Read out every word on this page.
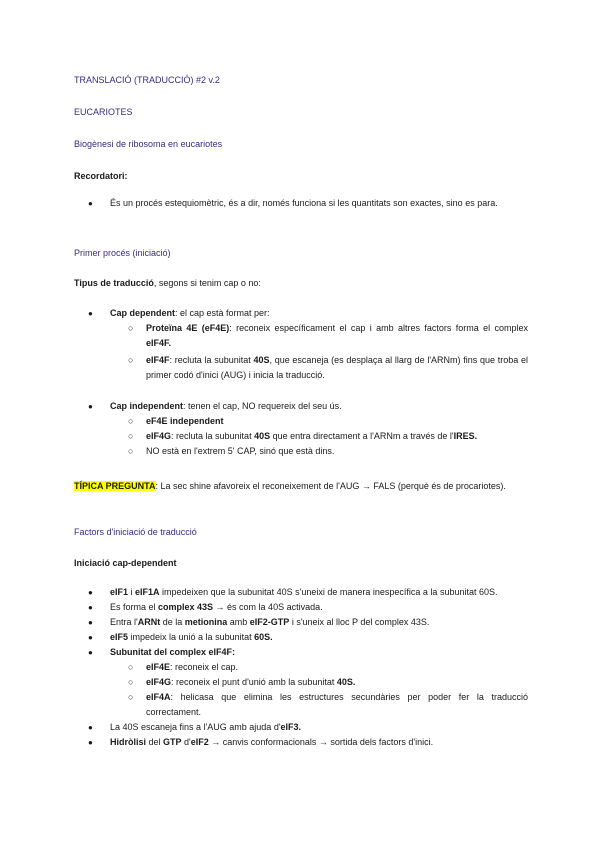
TRANSLACIÓ (TRADUCCIÓ) #2 v.2
EUCARIOTES
Biogènesi de ribosoma en eucariotes
Recordatori:
● És un procés estequiomètric, és a dir, només funciona si les quantitats son exactes, sino es para.
Primer procés (iniciació)
Tipus de traducció, segons si tenim cap o no:
● Cap dependent: el cap està format per:
○ Proteïna 4E (eF4E): reconeix específicament el cap i amb altres factors forma el complex eIF4F.
○ eIF4F: recluta la subunitat 40S, que escaneja (es desplaça al llarg de l'ARNm) fins que troba el primer codó d'inici (AUG) i inicia la traducció.
● Cap independent: tenen el cap, NO requereix del seu ús.
○ eF4E independent
○ eIF4G: recluta la subunitat 40S que entra directament a l'ARNm a través de l'IRES.
○ NO està en l'extrem 5' CAP, sinó que està dins.
TÍPICA PREGUNTA: La sec shine afavoreix el reconeixement de l'AUG → FALS (perquè és de procariotes).
Factors d'iniciació de traducció
Iniciació cap-dependent
● eIF1 i eIF1A impedeixen que la subunitat 40S s'uneixi de manera inespecífica a la subunitat 60S.
● Es forma el complex 43S → és com la 40S activada.
● Entra l'ARNt de la metionina amb eIF2-GTP i s'uneix al lloc P del complex 43S.
● eIF5 impedeix la unió a la subunitat 60S.
● Subunitat del complex eIF4F:
○ eIF4E: reconeix el cap.
○ eIF4G: reconeix el punt d'unió amb la subunitat 40S.
○ eIF4A: helicasa que elimina les estructures secundàries per poder fer la traducció correctament.
● La 40S escaneja fins a l'AUG amb ajuda d'eIF3.
● Hidròlisi del GTP d'eIF2 → canvis conformacionals → sortida dels factors d'inici.
